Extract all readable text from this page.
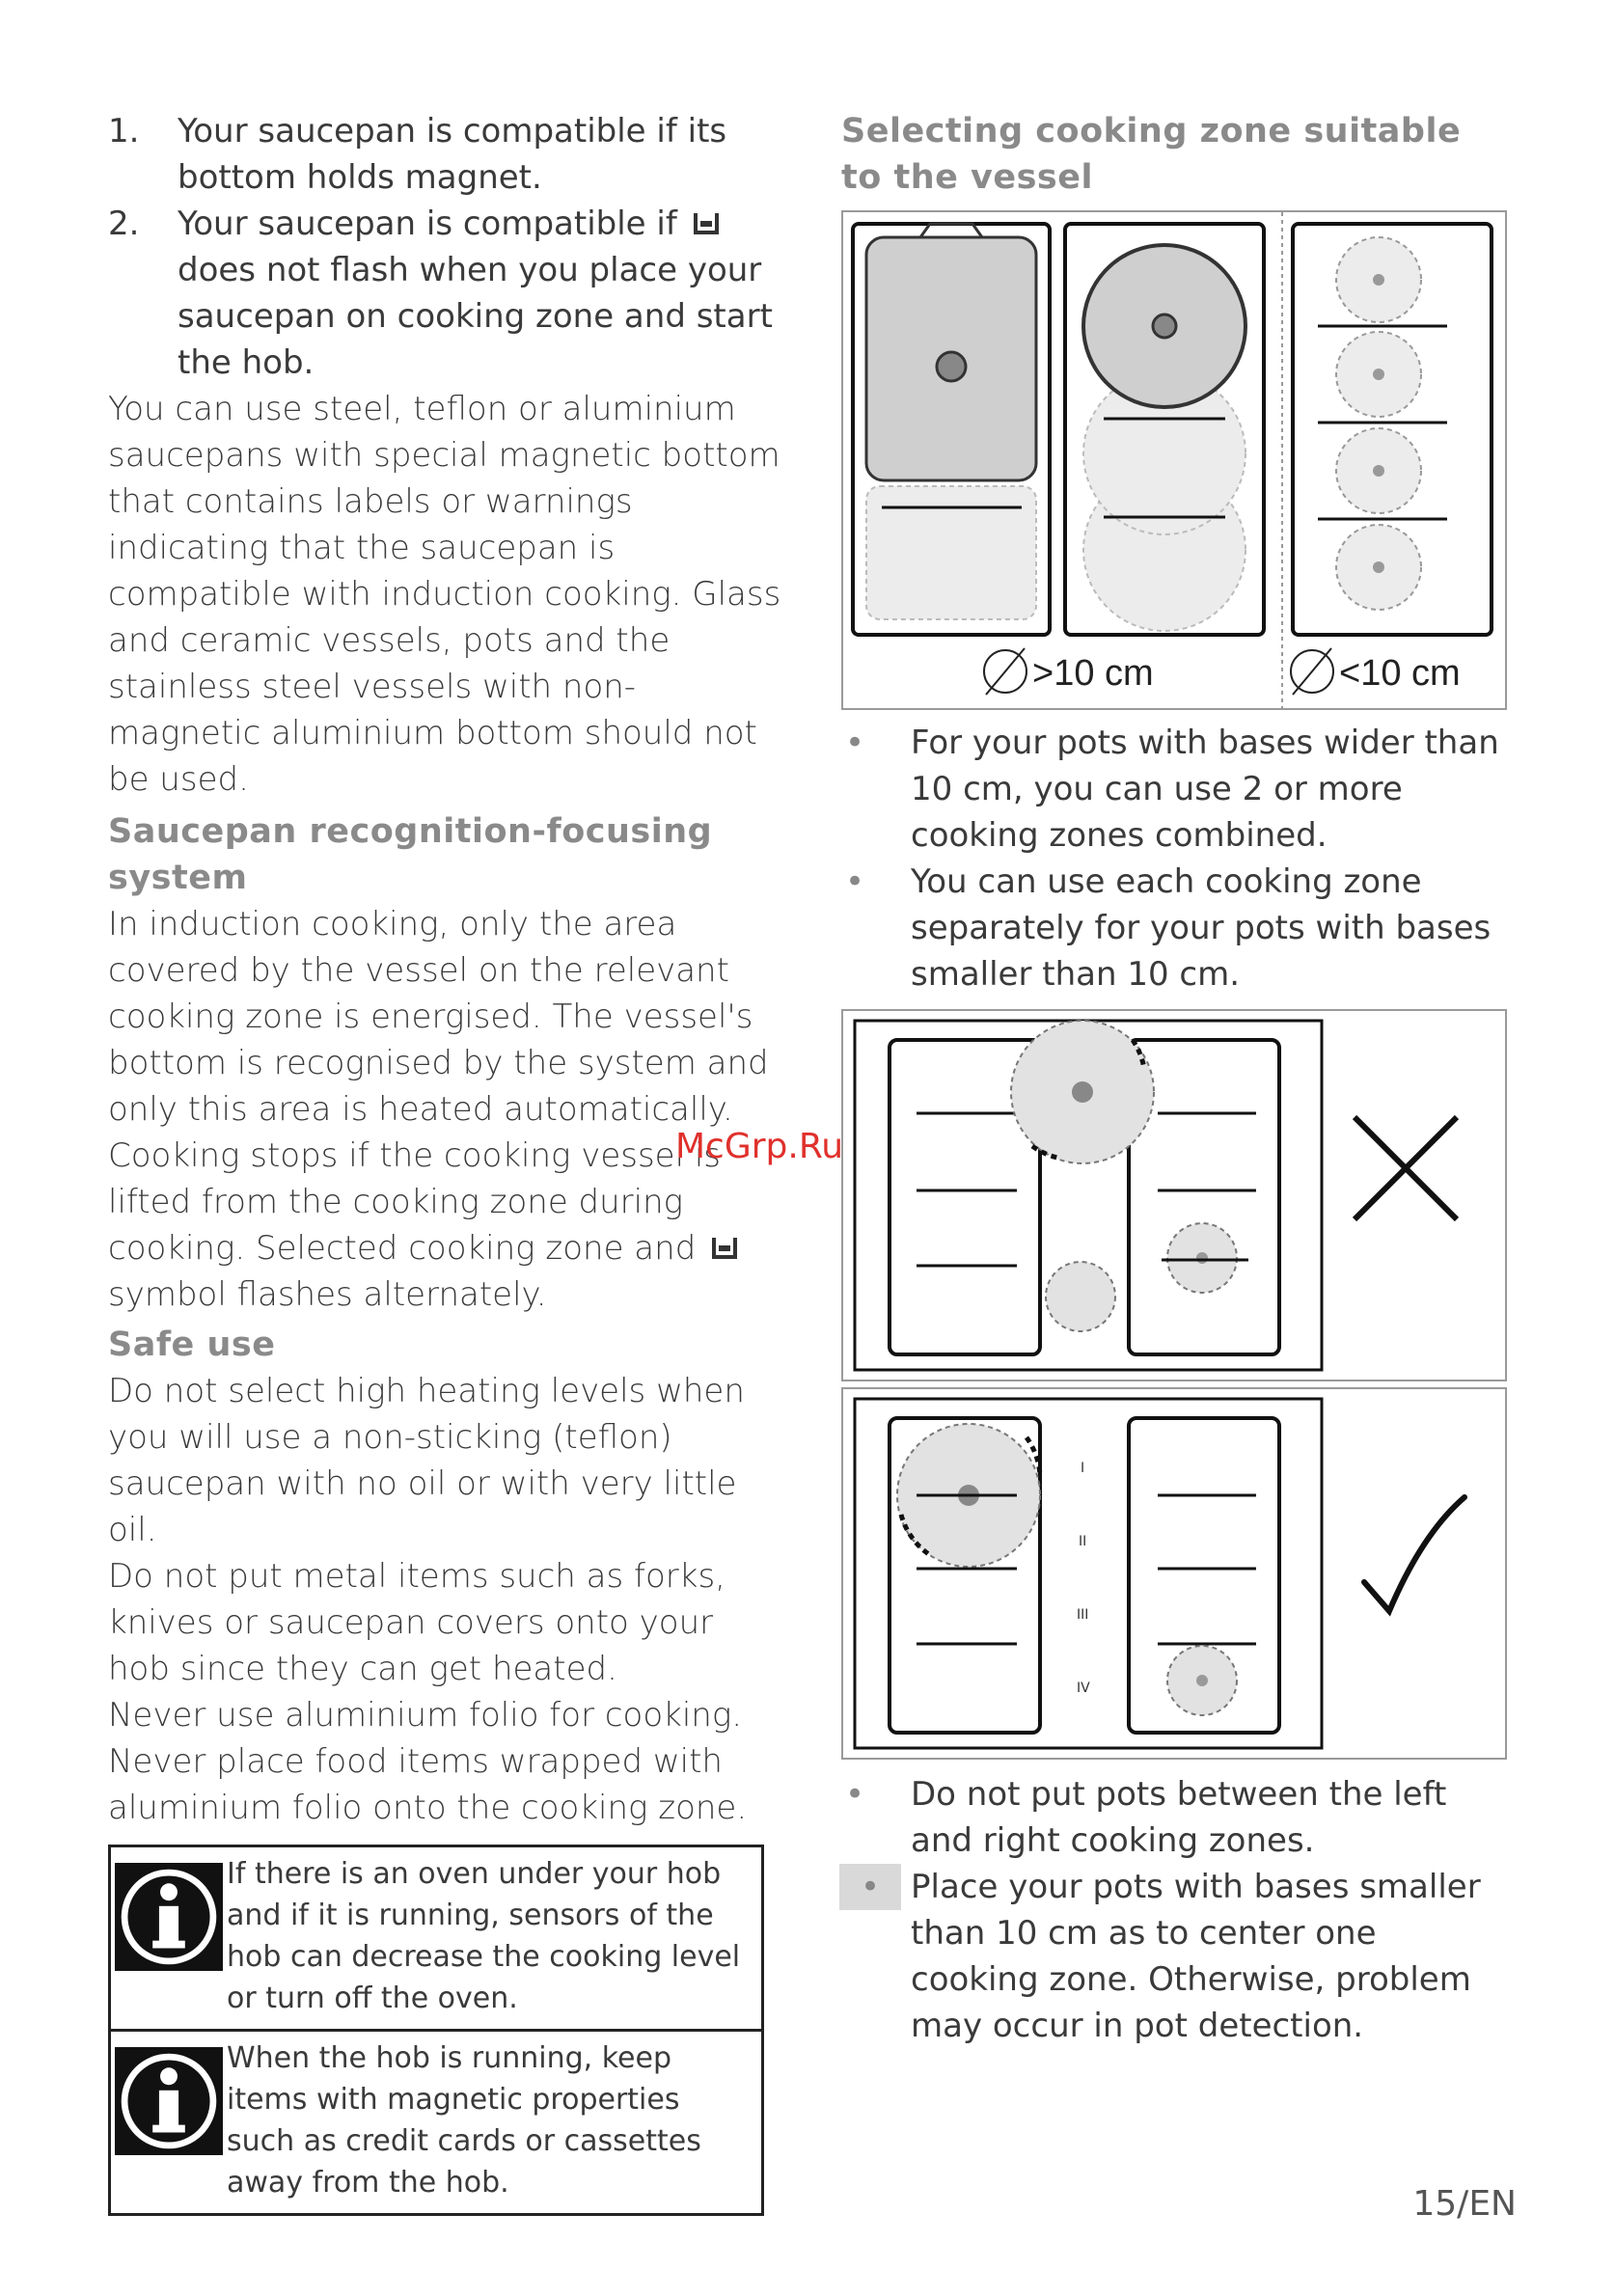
1. Your saucepan is compatible if its bottom holds magnet.
2. Your saucepan is compatible if  does not flash when you place your saucepan on cooking zone and start the hob.
You can use steel, teflon or aluminium saucepans with special magnetic bottom that contains labels or warnings indicating that the saucepan is compatible with induction cooking. Glass and ceramic vessels, pots and the stainless steel vessels with non-magnetic aluminium bottom should not be used.
Saucepan recognition-focusing system
In induction cooking, only the area covered by the vessel on the relevant cooking zone is energised. The vessel's bottom is recognised by the system and only this area is heated automatically. Cooking stops if the cooking vessel is lifted from the cooking zone during cooking. Selected cooking zone and  symbol flashes alternately.
Safe use
Do not select high heating levels when you will use a non-sticking (teflon) saucepan with no oil or with very little oil.
Do not put metal items such as forks, knives or saucepan covers onto your hob since they can get heated.
Never use aluminium folio for cooking.
Never place food items wrapped with aluminium folio onto the cooking zone.
If there is an oven under your hob and if it is running, sensors of the hob can decrease the cooking level or turn off the oven.
When the hob is running, keep items with magnetic properties such as credit cards or cassettes away from the hob.
McGrp.Ru
Selecting cooking zone suitable to the vessel
>10 cm	<10 cm
• For your pots with bases wider than 10 cm, you can use 2 or more cooking zones combined.
• You can use each cooking zone separately for your pots with bases smaller than 10 cm.
I
II
III
IV
• Do not put pots between the left and right cooking zones.
• Place your pots with bases smaller than 10 cm as to center one cooking zone. Otherwise, problem may occur in pot detection.
15/EN
